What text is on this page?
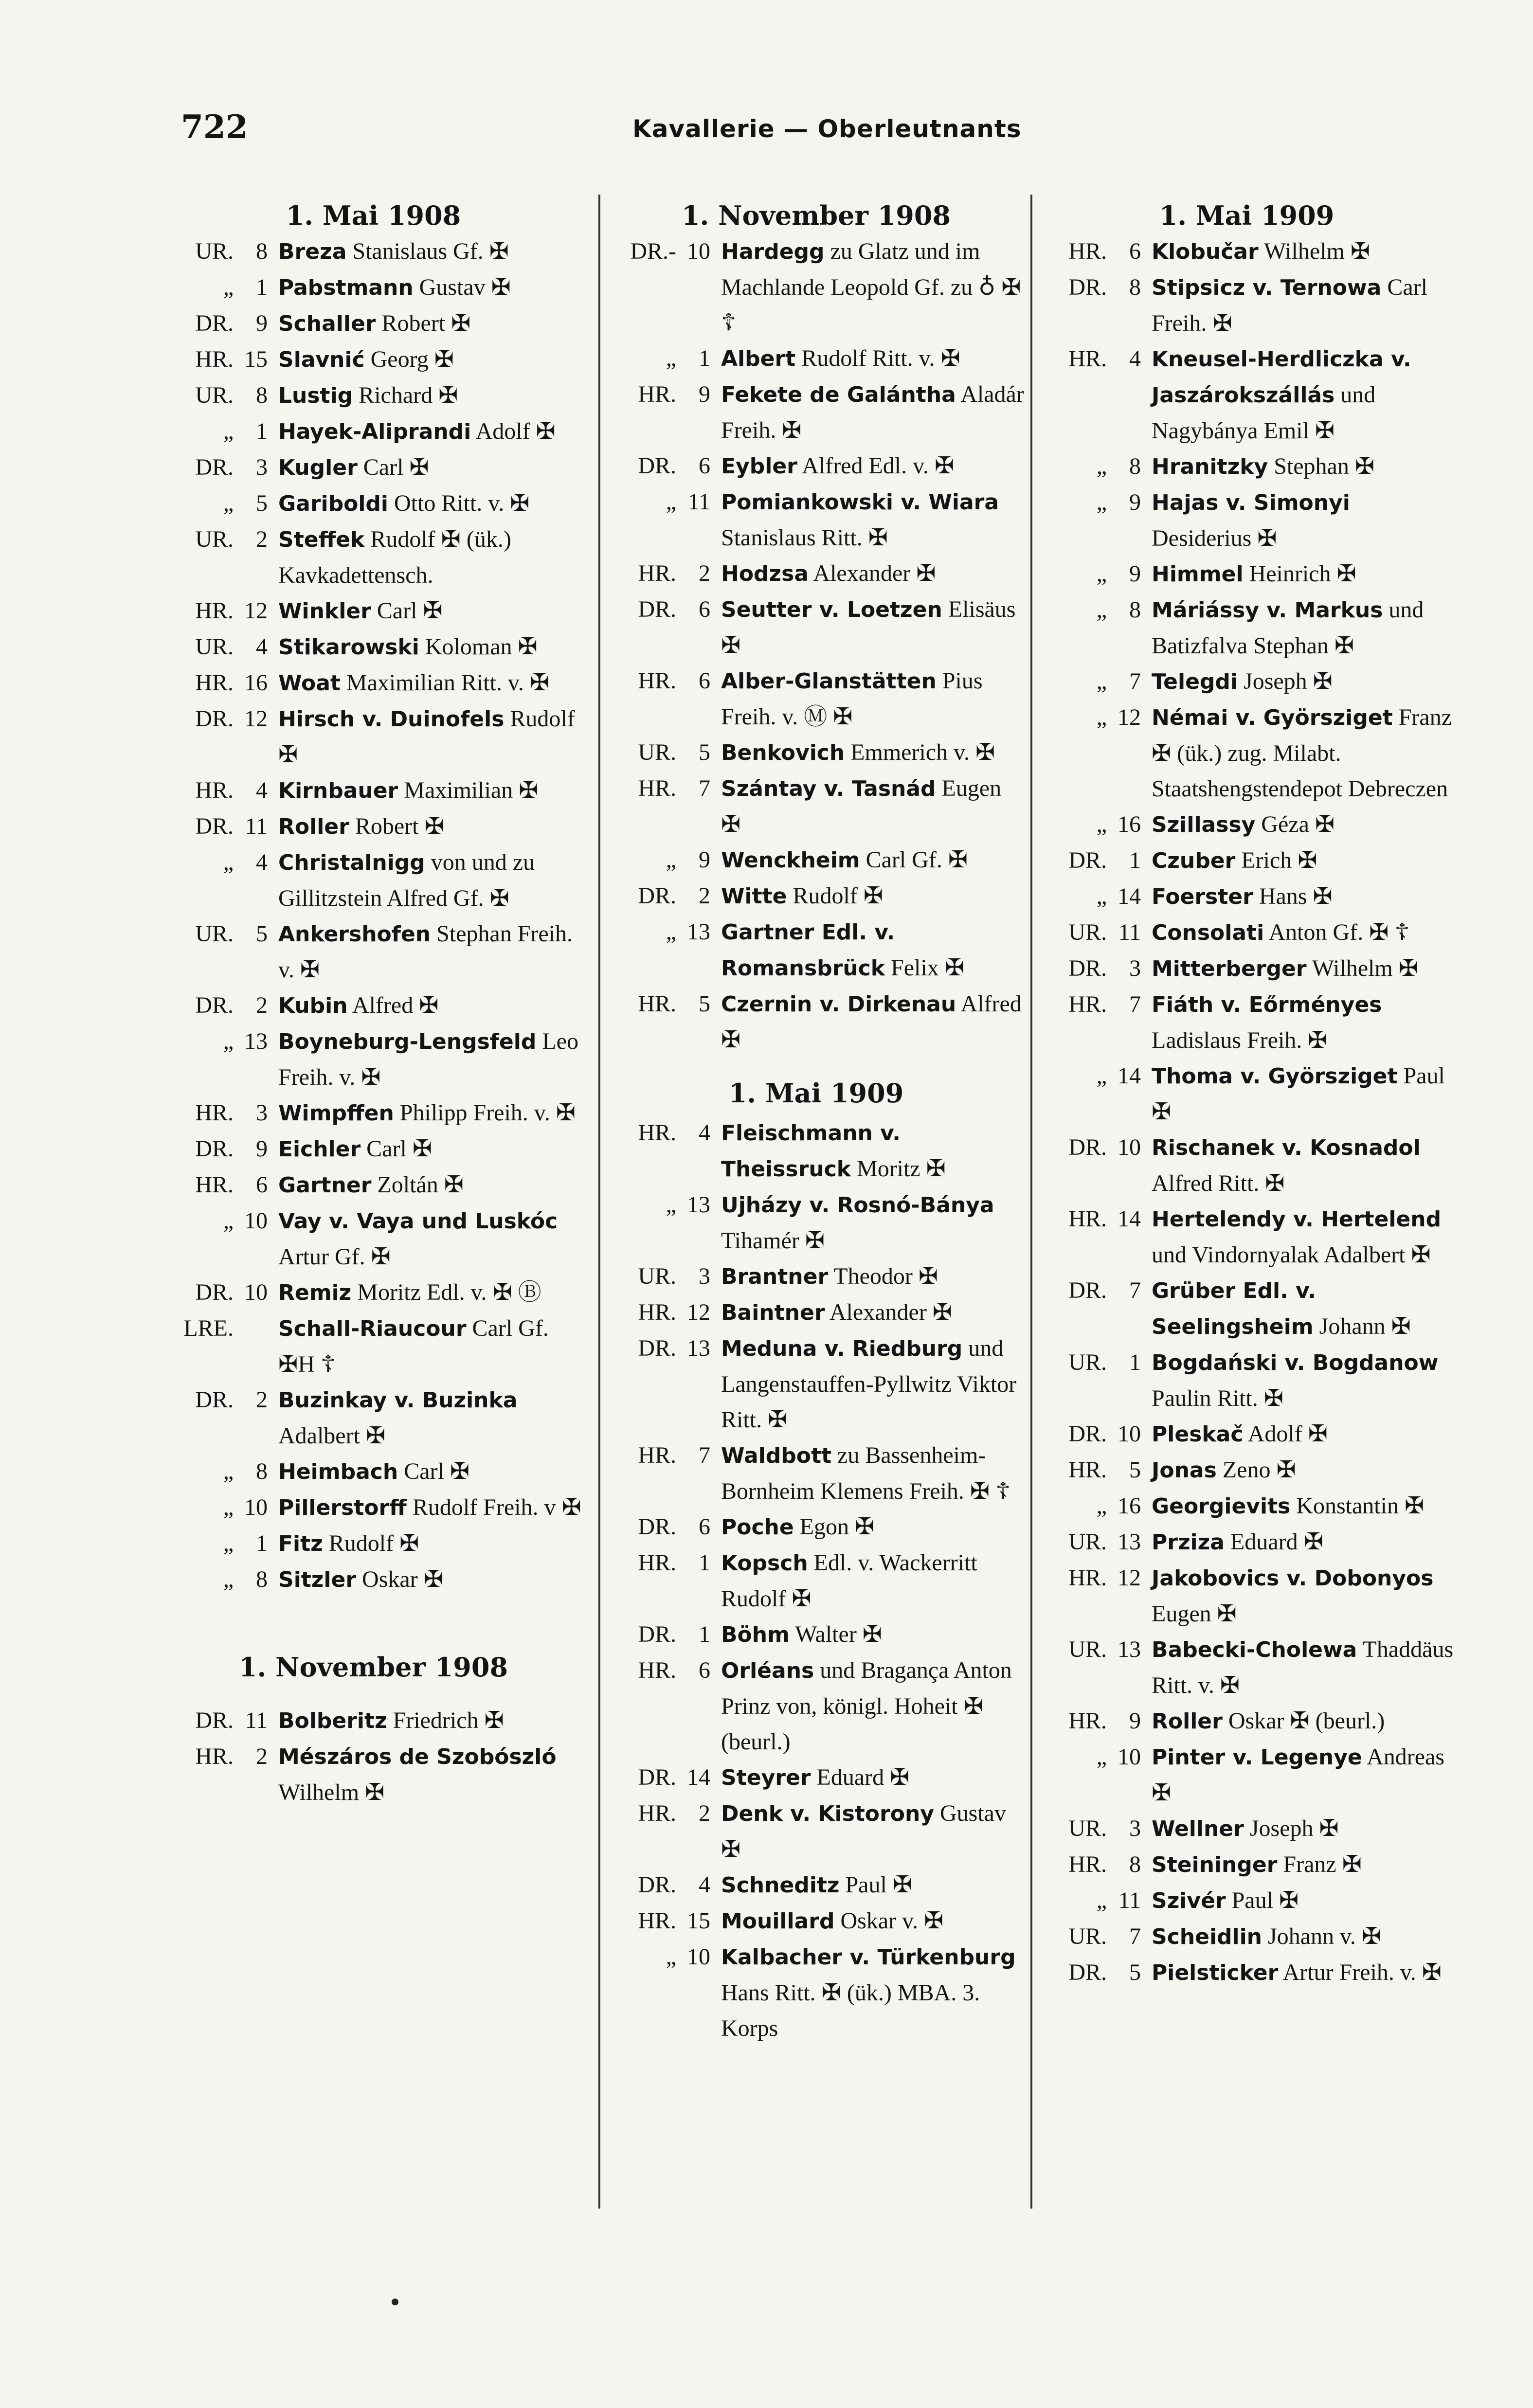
722	Kavallerie — Oberleutnants
1. Mai 1908
UR. 8 Breza Stanislaus Gf. ✠
„ 1 Pabstmann Gustav ✠
DR. 9 Schaller Robert ✠
HR. 15 Slavnić Georg ✠
UR. 8 Lustig Richard ✠
„ 1 Hayek-Aliprandi Adolf ✠
DR. 3 Kugler Carl ✠
„ 5 Gariboldi Otto Ritt. v. ✠
UR. 2 Steffek Rudolf ✠ (ük.) Kavkadettensch.
HR. 12 Winkler Carl ✠
UR. 4 Stikarowski Koloman ✠
HR. 16 Woat Maximilian Ritt. v. ✠
DR. 12 Hirsch v. Duinofels Rudolf ✠
HR. 4 Kirnbauer Maximilian ✠
DR. 11 Roller Robert ✠
„ 4 Christalnigg von und zu Gillitzstein Alfred Gf. ✠
UR. 5 Ankershofen Stephan Freih. v. ✠
DR. 2 Kubin Alfred ✠
„ 13 Boyneburg-Lengsfeld Leo Freih. v. ✠
HR. 3 Wimpffen Philipp Freih. v. ✠
DR. 9 Eichler Carl ✠
HR. 6 Gartner Zoltán ✠
„ 10 Vay v. Vaya und Luskóc Artur Gf. ✠
DR. 10 Remiz Moritz Edl. v. ✠ Ⓑ
LRE.	Schall-Riaucour Carl Gf. ✠H ☦
DR. 2 Buzinkay v. Buzinka Adalbert ✠
„ 8 Heimbach Carl ✠
„ 10 Pillerstorff Rudolf Freih. v ✠
„ 1 Fitz Rudolf ✠
„ 8 Sitzler Oskar ✠
1. November 1908
DR. 11 Bolberitz Friedrich ✠
HR. 2 Mészáros de Szobószló Wilhelm ✠
1. November 1908
DR.- 10 Hardegg zu Glatz und im Machlande Leopold Gf. zu ♁ ✠ ☦
„ 1 Albert Rudolf Ritt. v. ✠
HR. 9 Fekete de Galántha Aladár Freih. ✠
DR. 6 Eybler Alfred Edl. v. ✠
„ 11 Pomiankowski v. Wiara Stanislaus Ritt. ✠
HR. 2 Hodzsa Alexander ✠
DR. 6 Seutter v. Loetzen Elisäus ✠
HR. 6 Alber-Glanstätten Pius Freih. v. Ⓜ ✠
UR. 5 Benkovich Emmerich v. ✠
HR. 7 Szántay v. Tasnád Eugen ✠
„ 9 Wenckheim Carl Gf. ✠
DR. 2 Witte Rudolf ✠
„ 13 Gartner Edl. v. Romansbrück Felix ✠
HR. 5 Czernin v. Dirkenau Alfred ✠
1. Mai 1909
HR. 4 Fleischmann v. Theissruck Moritz ✠
„ 13 Ujházy v. Rosnó-Bánya Tihamér ✠
UR. 3 Brantner Theodor ✠
HR. 12 Baintner Alexander ✠
DR. 13 Meduna v. Riedburg und Langenstauffen-Pyllwitz Viktor Ritt. ✠
HR. 7 Waldbott zu Bassenheim-Bornheim Klemens Freih. ✠ ☦
DR. 6 Poche Egon ✠
HR. 1 Kopsch Edl. v. Wackerritt Rudolf ✠
DR. 1 Böhm Walter ✠
HR. 6 Orléans und Bragança Anton Prinz von, königl. Hoheit ✠ (beurl.)
DR. 14 Steyrer Eduard ✠
HR. 2 Denk v. Kistorony Gustav ✠
DR. 4 Schneditz Paul ✠
HR. 15 Mouillard Oskar v. ✠
„ 10 Kalbacher v. Türkenburg Hans Ritt. ✠ (ük.) MBA. 3. Korps
1. Mai 1909
HR. 6 Klobučar Wilhelm ✠
DR. 8 Stipsicz v. Ternowa Carl Freih. ✠
HR. 4 Kneusel-Herdliczka v. Jaszárokszállás und Nagybánya Emil ✠
„ 8 Hranitzky Stephan ✠
„ 9 Hajas v. Simonyi Desiderius ✠
„ 9 Himmel Heinrich ✠
„ 8 Máriássy v. Markus und Batizfalva Stephan ✠
„ 7 Telegdi Joseph ✠
„ 12 Némai v. Györsziget Franz ✠ (ük.) zug. Milabt. Staatshengstendepot Debreczen
„ 16 Szillassy Géza ✠
DR. 1 Czuber Erich ✠
„ 14 Foerster Hans ✠
UR. 11 Consolati Anton Gf. ✠ ☦
DR. 3 Mitterberger Wilhelm ✠
HR. 7 Fiáth v. Eőrményes Ladislaus Freih. ✠
„ 14 Thoma v. Györsziget Paul ✠
DR. 10 Rischanek v. Kosnadol Alfred Ritt. ✠
HR. 14 Hertelendy v. Hertelend und Vindornyalak Adalbert ✠
DR. 7 Grüber Edl. v. Seelingsheim Johann ✠
UR. 1 Bogdański v. Bogdanow Paulin Ritt. ✠
DR. 10 Pleskač Adolf ✠
HR. 5 Jonas Zeno ✠
„ 16 Georgievits Konstantin ✠
UR. 13 Prziza Eduard ✠
HR. 12 Jakobovics v. Dobonyos Eugen ✠
UR. 13 Babecki-Cholewa Thaddäus Ritt. v. ✠
HR. 9 Roller Oskar ✠ (beurl.)
„ 10 Pinter v. Legenye Andreas ✠
UR. 3 Wellner Joseph ✠
HR. 8 Steininger Franz ✠
„ 11 Szivér Paul ✠
UR. 7 Scheidlin Johann v. ✠
DR. 5 Pielsticker Artur Freih. v. ✠
